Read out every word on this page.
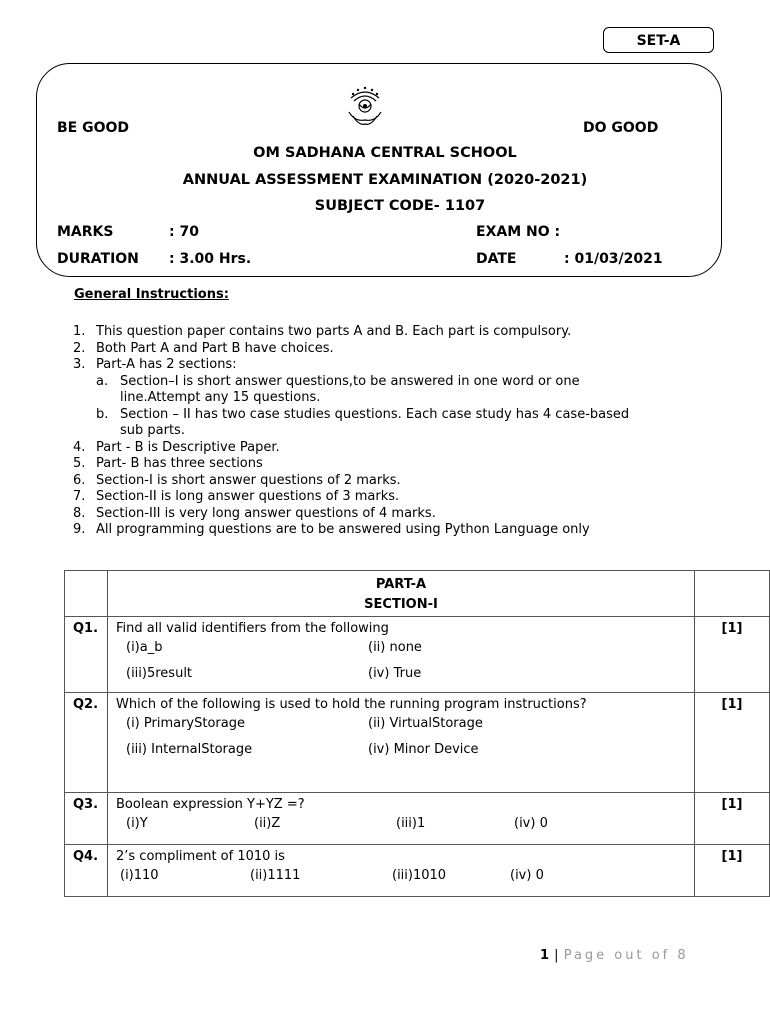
SET-A
BE GOOD	DO GOOD
OM SADHANA CENTRAL SCHOOL
ANNUAL ASSESSMENT EXAMINATION (2020-2021)
SUBJECT CODE- 1107
MARKS	: 70	EXAM NO :
DURATION : 3.00 Hrs.	DATE	: 01/03/2021
General Instructions:
1. This question paper contains two parts A and B. Each part is compulsory.
2. Both Part A and Part B have choices.
3. Part-A has 2 sections:
a. Section–I is short answer questions,to be answered in one word or one
line.Attempt any 15 questions.
b. Section – II has two case studies questions. Each case study has 4 case-based
sub parts.
4. Part - B is Descriptive Paper.
5. Part- B has three sections
6. Section-I is short answer questions of 2 marks.
7. Section-II is long answer questions of 3 marks.
8. Section-III is very long answer questions of 4 marks.
9. All programming questions are to be answered using Python Language only

	PART-A
SECTION-I	

Q1.	Find all valid identifiers from the following
(i)a_b (ii) none
(iii)5result (iv) True	[1]
Q2.	Which of the following is used to hold the running program instructions?
(i) PrimaryStorage (ii) VirtualStorage
(iii) InternalStorage (iv) Minor Device	[1]
Q3.	Boolean expression Y+YZ =?
(i)Y (ii)Z (iii)1 (iv) 0	[1]
Q4.	2’s compliment of 1010 is
(i)110 (ii)1111 (iii)1010 (iv) 0	[1]
1 | Page out of 8
